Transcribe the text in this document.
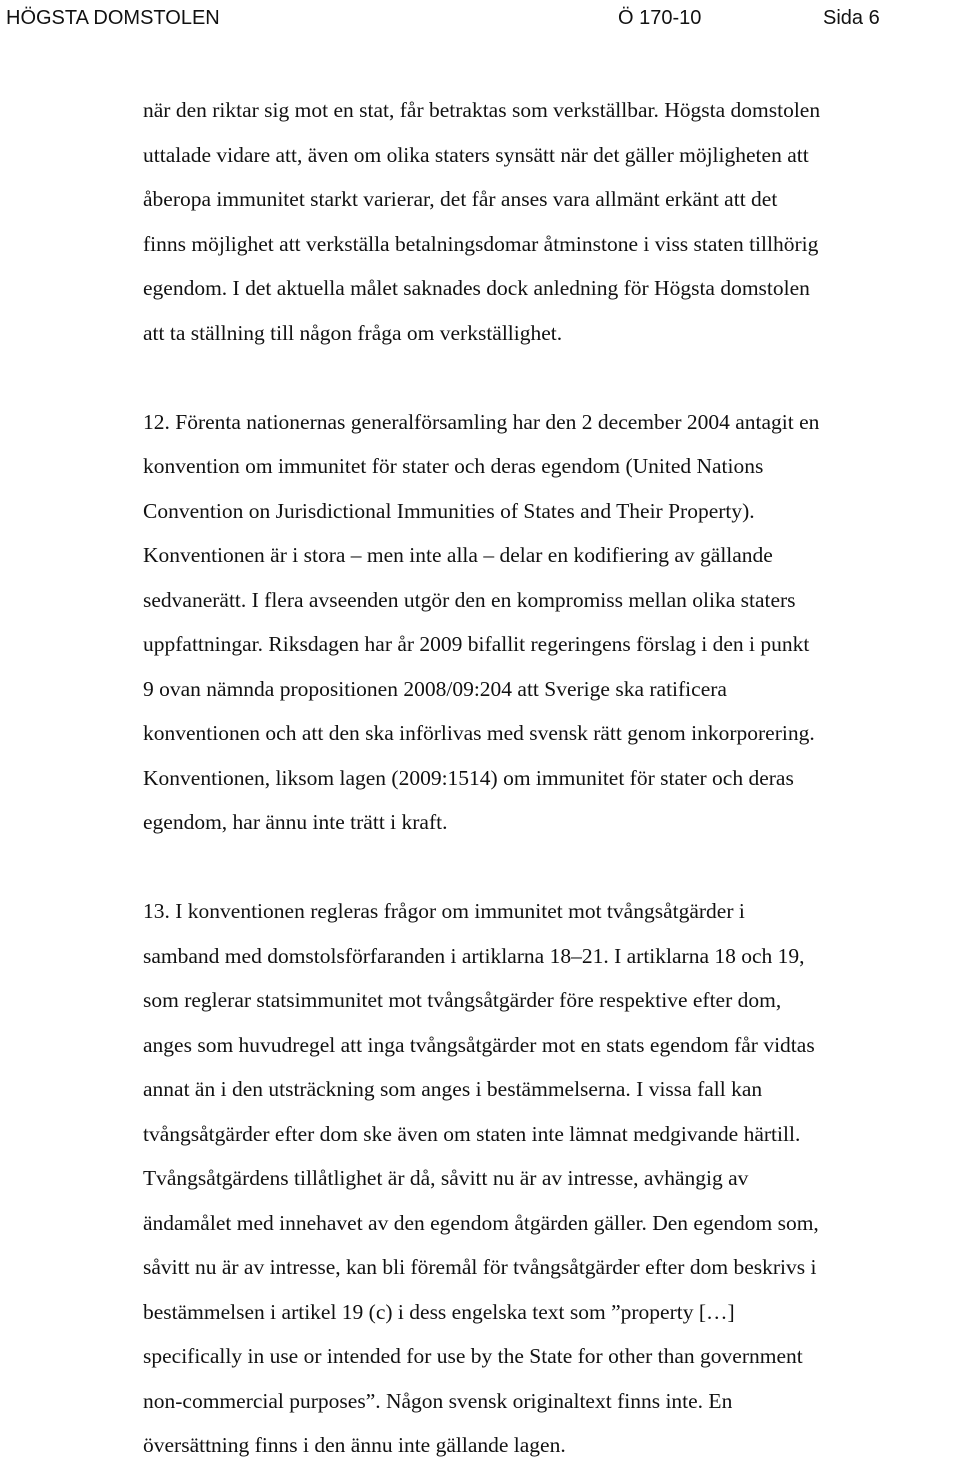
HÖGSTA DOMSTOLEN	Ö 170-10	Sida 6
när den riktar sig mot en stat, får betraktas som verkställbar. Högsta domstolen
uttalade vidare att, även om olika staters synsätt när det gäller möjligheten att
åberopa immunitet starkt varierar, det får anses vara allmänt erkänt att det
finns möjlighet att verkställa betalningsdomar åtminstone i viss staten tillhörig
egendom. I det aktuella målet saknades dock anledning för Högsta domstolen
att ta ställning till någon fråga om verkställighet.
12. Förenta nationernas generalförsamling har den 2 december 2004 antagit en
konvention om immunitet för stater och deras egendom (United Nations
Convention on Jurisdictional Immunities of States and Their Property).
Konventionen är i stora – men inte alla – delar en kodifiering av gällande
sedvanerätt. I flera avseenden utgör den en kompromiss mellan olika staters
uppfattningar. Riksdagen har år 2009 bifallit regeringens förslag i den i punkt
9 ovan nämnda propositionen 2008/09:204 att Sverige ska ratificera
konventionen och att den ska införlivas med svensk rätt genom inkorporering.
Konventionen, liksom lagen (2009:1514) om immunitet för stater och deras
egendom, har ännu inte trätt i kraft.
13. I konventionen regleras frågor om immunitet mot tvångsåtgärder i
samband med domstolsförfaranden i artiklarna 18–21. I artiklarna 18 och 19,
som reglerar statsimmunitet mot tvångsåtgärder före respektive efter dom,
anges som huvudregel att inga tvångsåtgärder mot en stats egendom får vidtas
annat än i den utsträckning som anges i bestämmelserna. I vissa fall kan
tvångsåtgärder efter dom ske även om staten inte lämnat medgivande härtill.
Tvångsåtgärdens tillåtlighet är då, såvitt nu är av intresse, avhängig av
ändamålet med innehavet av den egendom åtgärden gäller. Den egendom som,
såvitt nu är av intresse, kan bli föremål för tvångsåtgärder efter dom beskrivs i
bestämmelsen i artikel 19 (c) i dess engelska text som ”property […]
specifically in use or intended for use by the State for other than government
non-commercial purposes”. Någon svensk originaltext finns inte. En
översättning finns i den ännu inte gällande lagen.
